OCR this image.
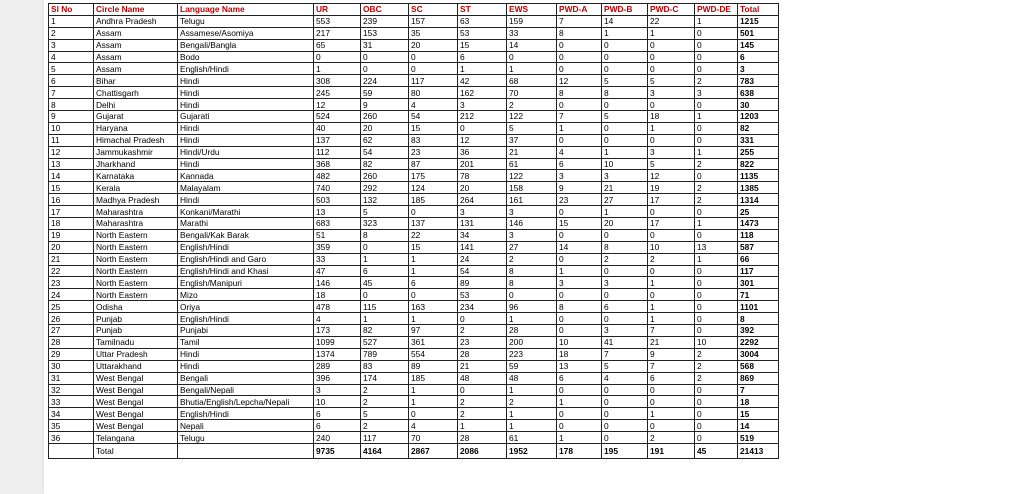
Sl No	Circle Name	Language Name	UR	OBC	SC	ST	EWS	PWD-A	PWD-B	PWD-C	PWD-DE	Total
1	Andhra Pradesh	Telugu	553	239	157	63	159	7	14	22	1	1215
2	Assam	Assamese/Asomiya	217	153	35	53	33	8	1	1	0	501
3	Assam	Bengali/Bangla	65	31	20	15	14	0	0	0	0	145
4	Assam	Bodo	0	0	0	6	0	0	0	0	0	6
5	Assam	English/Hindi	1	0	0	1	1	0	0	0	0	3
6	Bihar	Hindi	308	224	117	42	68	12	5	5	2	783
7	Chattisgarh	Hindi	245	59	80	162	70	8	8	3	3	638
8	Delhi	Hindi	12	9	4	3	2	0	0	0	0	30
9	Gujarat	Gujarati	524	260	54	212	122	7	5	18	1	1203
10	Haryana	Hindi	40	20	15	0	5	1	0	1	0	82
11	Himachal Pradesh	Hindi	137	62	83	12	37	0	0	0	0	331
12	Jammukashmir	Hindi/Urdu	112	54	23	36	21	4	1	3	1	255
13	Jharkhand	Hindi	368	82	87	201	61	6	10	5	2	822
14	Karnataka	Kannada	482	260	175	78	122	3	3	12	0	1135
15	Kerala	Malayalam	740	292	124	20	158	9	21	19	2	1385
16	Madhya Pradesh	Hindi	503	132	185	264	161	23	27	17	2	1314
17	Maharashtra	Konkani/Marathi	13	5	0	3	3	0	1	0	0	25
18	Maharashtra	Marathi	683	323	137	131	146	15	20	17	1	1473
19	North Eastern	Bengali/Kak Barak	51	8	22	34	3	0	0	0	0	118
20	North Eastern	English/Hindi	359	0	15	141	27	14	8	10	13	587
21	North Eastern	English/Hindi and Garo	33	1	1	24	2	0	2	2	1	66
22	North Eastern	English/Hindi and Khasi	47	6	1	54	8	1	0	0	0	117
23	North Eastern	English/Manipuri	146	45	6	89	8	3	3	1	0	301
24	North Eastern	Mizo	18	0	0	53	0	0	0	0	0	71
25	Odisha	Oriya	478	115	163	234	96	8	6	1	0	1101
26	Punjab	English/Hindi	4	1	1	0	1	0	0	1	0	8
27	Punjab	Punjabi	173	82	97	2	28	0	3	7	0	392
28	Tamilnadu	Tamil	1099	527	361	23	200	10	41	21	10	2292
29	Uttar Pradesh	Hindi	1374	789	554	28	223	18	7	9	2	3004
30	Uttarakhand	Hindi	289	83	89	21	59	13	5	7	2	568
31	West Bengal	Bengali	396	174	185	48	48	6	4	6	2	869
32	West Bengal	Bengali/Nepali	3	2	1	0	1	0	0	0	0	7
33	West Bengal	Bhutia/English/Lepcha/Nepali	10	2	1	2	2	1	0	0	0	18
34	West Bengal	English/Hindi	6	5	0	2	1	0	0	1	0	15
35	West Bengal	Nepali	6	2	4	1	1	0	0	0	0	14
36	Telangana	Telugu	240	117	70	28	61	1	0	2	0	519
	Total		9735	4164	2867	2086	1952	178	195	191	45	21413
